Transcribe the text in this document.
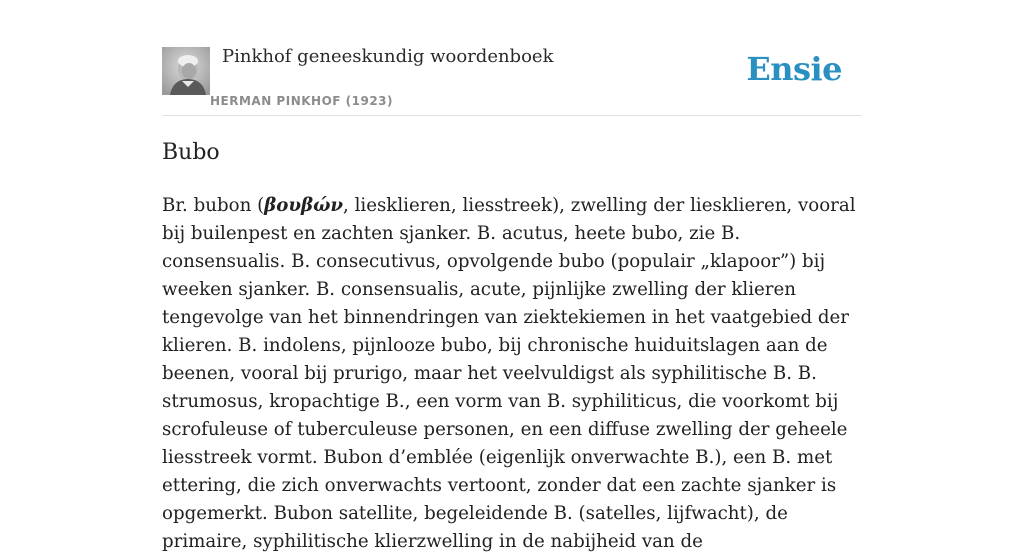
Pinkhof geneeskundig woordenboek
HERMAN PINKHOF (1923)
Ensie
Bubo

Br. bubon (βουβών, liesklieren, liesstreek), zwelling der liesklieren, vooral bij builenpest en zachten sjanker. B. acutus, heete bubo, zie B. consensualis. B. consecutivus, opvolgende bubo (populair „klapoor”) bij weeken sjanker. B. consensualis, acute, pijnlijke zwelling der klieren tengevolge van het binnendringen van ziektekiemen in het vaatgebied der klieren. B. indolens, pijnlooze bubo, bij chronische huiduitslagen aan de beenen, vooral bij prurigo, maar het veelvuldigst als syphilitische B. B. strumosus, kropachtige B., een vorm van B. syphiliticus, die voorkomt bij scrofuleuse of tuberculeuse personen, en een diffuse zwelling der geheele liesstreek vormt. Bubon d’emblée (eigenlijk onverwachte B.), een B. met ettering, die zich onverwachts vertoont, zonder dat een zachte sjanker is opgemerkt. Bubon satellite, begeleidende B. (satelles, lijfwacht), de primaire, syphilitische klierzwelling in de nabijheid van de
